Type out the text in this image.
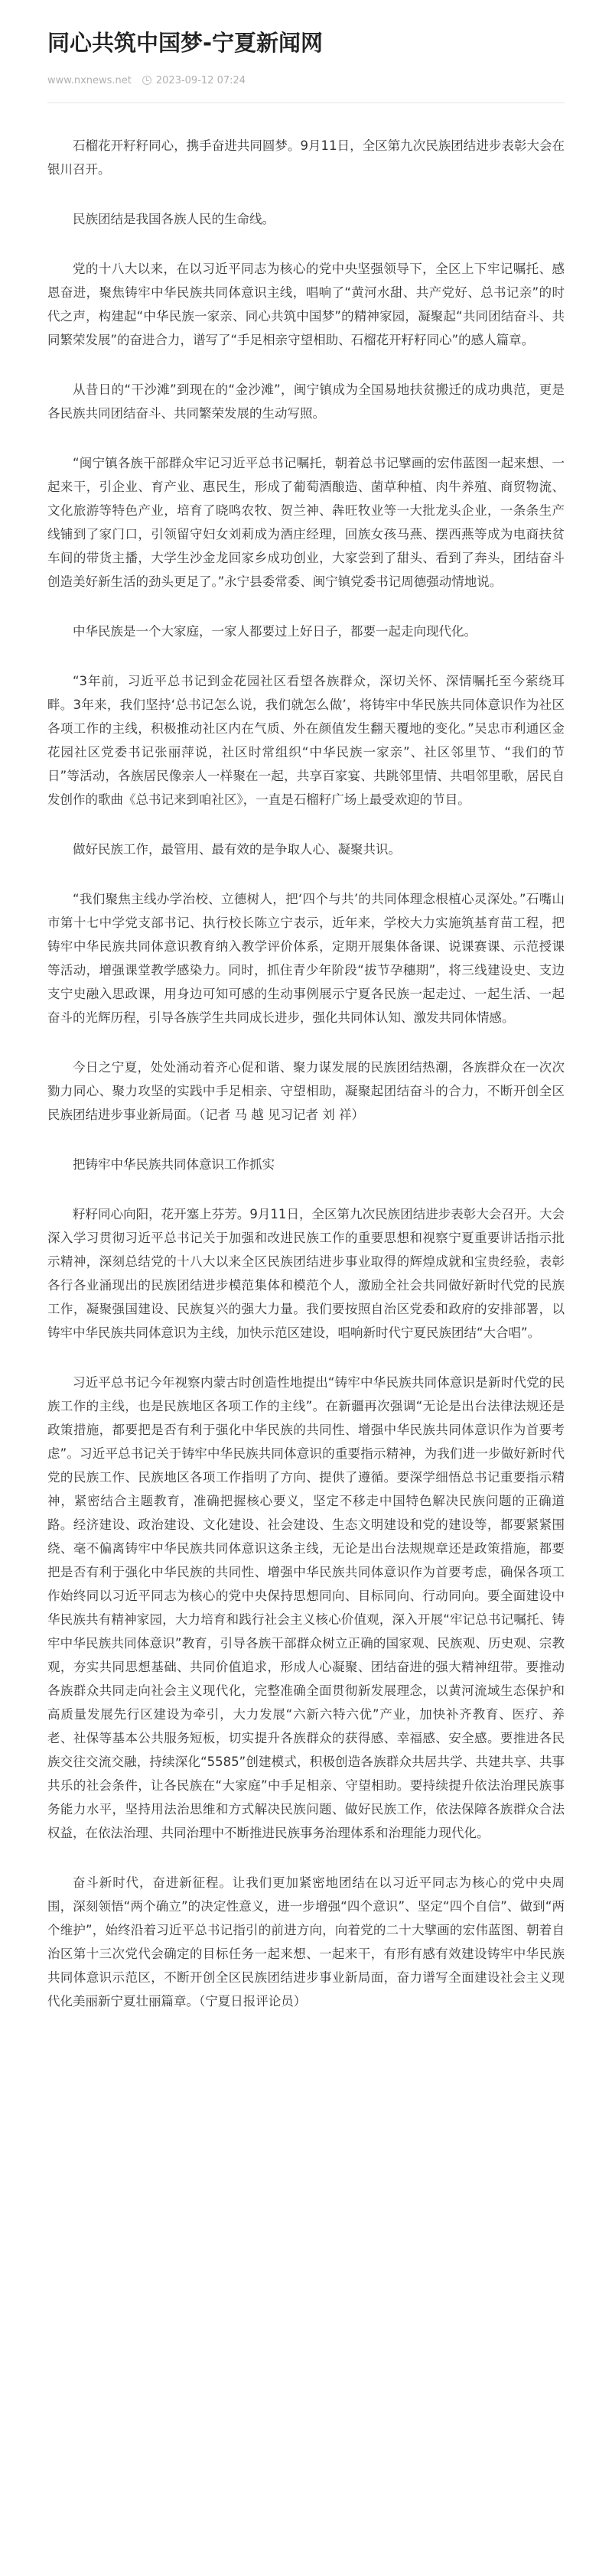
同心共筑中国梦-宁夏新闻网
www.nxnews.net 2023-09-12 07:24

石榴花开籽籽同心，携手奋进共同圆梦。9月11日，全区第九次民族团结进步表彰大会在银川召开。

民族团结是我国各族人民的生命线。

党的十八大以来，在以习近平同志为核心的党中央坚强领导下，全区上下牢记嘱托、感恩奋进，聚焦铸牢中华民族共同体意识主线，唱响了“黄河水甜、共产党好、总书记亲”的时代之声，构建起“中华民族一家亲、同心共筑中国梦”的精神家园，凝聚起“共同团结奋斗、共同繁荣发展”的奋进合力，谱写了“手足相亲守望相助、石榴花开籽籽同心”的感人篇章。

从昔日的“干沙滩”到现在的“金沙滩”，闽宁镇成为全国易地扶贫搬迁的成功典范，更是各民族共同团结奋斗、共同繁荣发展的生动写照。

“闽宁镇各族干部群众牢记习近平总书记嘱托，朝着总书记擘画的宏伟蓝图一起来想、一起来干，引企业、育产业、惠民生，形成了葡萄酒酿造、菌草种植、肉牛养殖、商贸物流、文化旅游等特色产业，培育了晓鸣农牧、贺兰神、犇旺牧业等一大批龙头企业，一条条生产线铺到了家门口，引领留守妇女刘莉成为酒庄经理，回族女孩马燕、摆西燕等成为电商扶贫车间的带货主播，大学生沙金龙回家乡成功创业，大家尝到了甜头、看到了奔头，团结奋斗创造美好新生活的劲头更足了。”永宁县委常委、闽宁镇党委书记周德强动情地说。

中华民族是一个大家庭，一家人都要过上好日子，都要一起走向现代化。

“3年前，习近平总书记到金花园社区看望各族群众，深切关怀、深情嘱托至今萦绕耳畔。3年来，我们坚持‘总书记怎么说，我们就怎么做’，将铸牢中华民族共同体意识作为社区各项工作的主线，积极推动社区内在气质、外在颜值发生翻天覆地的变化。”吴忠市利通区金花园社区党委书记张丽萍说，社区时常组织“中华民族一家亲”、社区邻里节、“我们的节日”等活动，各族居民像亲人一样聚在一起，共享百家宴、共跳邻里情、共唱邻里歌，居民自发创作的歌曲《总书记来到咱社区》，一直是石榴籽广场上最受欢迎的节目。

做好民族工作，最管用、最有效的是争取人心、凝聚共识。

“我们聚焦主线办学治校、立德树人，把‘四个与共’的共同体理念根植心灵深处。”石嘴山市第十七中学党支部书记、执行校长陈立宁表示，近年来，学校大力实施筑基育苗工程，把铸牢中华民族共同体意识教育纳入教学评价体系，定期开展集体备课、说课赛课、示范授课等活动，增强课堂教学感染力。同时，抓住青少年阶段“拔节孕穗期”，将三线建设史、支边支宁史融入思政课，用身边可知可感的生动事例展示宁夏各民族一起走过、一起生活、一起奋斗的光辉历程，引导各族学生共同成长进步，强化共同体认知、激发共同体情感。

今日之宁夏，处处涌动着齐心促和谐、聚力谋发展的民族团结热潮，各族群众在一次次勠力同心、聚力攻坚的实践中手足相亲、守望相助，凝聚起团结奋斗的合力，不断开创全区民族团结进步事业新局面。（记者 马 越 见习记者 刘 祥）

把铸牢中华民族共同体意识工作抓实

籽籽同心向阳，花开塞上芬芳。9月11日，全区第九次民族团结进步表彰大会召开。大会深入学习贯彻习近平总书记关于加强和改进民族工作的重要思想和视察宁夏重要讲话指示批示精神，深刻总结党的十八大以来全区民族团结进步事业取得的辉煌成就和宝贵经验，表彰各行各业涌现出的民族团结进步模范集体和模范个人，激励全社会共同做好新时代党的民族工作，凝聚强国建设、民族复兴的强大力量。我们要按照自治区党委和政府的安排部署，以铸牢中华民族共同体意识为主线，加快示范区建设，唱响新时代宁夏民族团结“大合唱”。

习近平总书记今年视察内蒙古时创造性地提出“铸牢中华民族共同体意识是新时代党的民族工作的主线，也是民族地区各项工作的主线”。在新疆再次强调“无论是出台法律法规还是政策措施，都要把是否有利于强化中华民族的共同性、增强中华民族共同体意识作为首要考虑”。习近平总书记关于铸牢中华民族共同体意识的重要指示精神，为我们进一步做好新时代党的民族工作、民族地区各项工作指明了方向、提供了遵循。要深学细悟总书记重要指示精神，紧密结合主题教育，准确把握核心要义，坚定不移走中国特色解决民族问题的正确道路。经济建设、政治建设、文化建设、社会建设、生态文明建设和党的建设等，都要紧紧围绕、毫不偏离铸牢中华民族共同体意识这条主线，无论是出台法规规章还是政策措施，都要把是否有利于强化中华民族的共同性、增强中华民族共同体意识作为首要考虑，确保各项工作始终同以习近平同志为核心的党中央保持思想同向、目标同向、行动同向。要全面建设中华民族共有精神家园，大力培育和践行社会主义核心价值观，深入开展“牢记总书记嘱托、铸牢中华民族共同体意识”教育，引导各族干部群众树立正确的国家观、民族观、历史观、宗教观，夯实共同思想基础、共同价值追求，形成人心凝聚、团结奋进的强大精神纽带。要推动各族群众共同走向社会主义现代化，完整准确全面贯彻新发展理念，以黄河流域生态保护和高质量发展先行区建设为牵引，大力发展“六新六特六优”产业，加快补齐教育、医疗、养老、社保等基本公共服务短板，切实提升各族群众的获得感、幸福感、安全感。要推进各民族交往交流交融，持续深化“5585”创建模式，积极创造各族群众共居共学、共建共享、共事共乐的社会条件，让各民族在“大家庭”中手足相亲、守望相助。要持续提升依法治理民族事务能力水平，坚持用法治思维和方式解决民族问题、做好民族工作，依法保障各族群众合法权益，在依法治理、共同治理中不断推进民族事务治理体系和治理能力现代化。

奋斗新时代，奋进新征程。让我们更加紧密地团结在以习近平同志为核心的党中央周围，深刻领悟“两个确立”的决定性意义，进一步增强“四个意识”、坚定“四个自信”、做到“两个维护”，始终沿着习近平总书记指引的前进方向，向着党的二十大擘画的宏伟蓝图、朝着自治区第十三次党代会确定的目标任务一起来想、一起来干，有形有感有效建设铸牢中华民族共同体意识示范区，不断开创全区民族团结进步事业新局面，奋力谱写全面建设社会主义现代化美丽新宁夏壮丽篇章。（宁夏日报评论员）
